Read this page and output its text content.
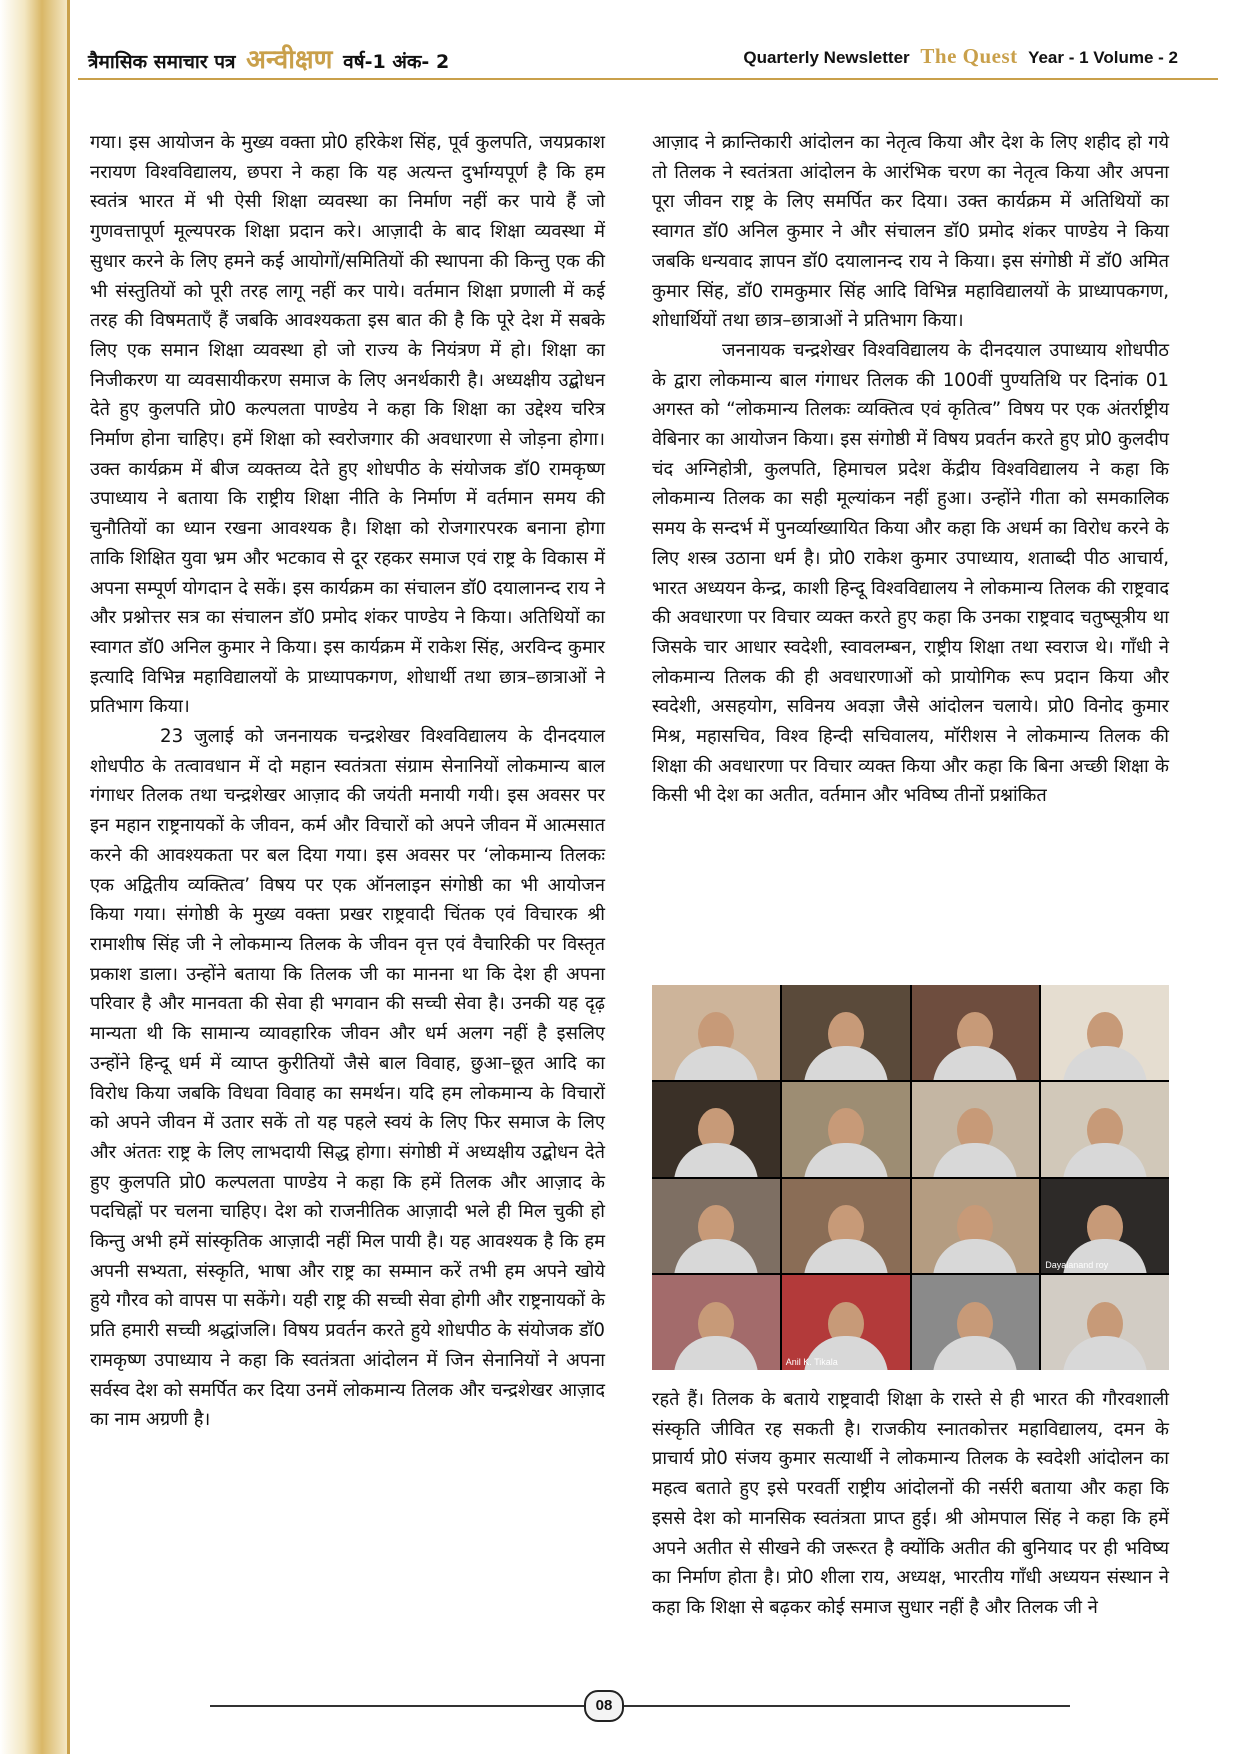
त्रैमासिक समाचार पत्र अन्वीक्षण वर्ष-1 अंक- 2	Quarterly Newsletter The Quest Year - 1 Volume - 2

गया। इस आयोजन के मुख्य वक्ता प्रो0 हरिकेश सिंह, पूर्व कुलपति, जयप्रकाश नरायण विश्वविद्यालय, छपरा ने कहा कि यह अत्यन्त दुर्भाग्यपूर्ण है कि हम स्वतंत्र भारत में भी ऐसी शिक्षा व्यवस्था का निर्माण नहीं कर पाये हैं जो गुणवत्तापूर्ण मूल्यपरक शिक्षा प्रदान करे। आज़ादी के बाद शिक्षा व्यवस्था में सुधार करने के लिए हमने कई आयोगों/समितियों की स्थापना की किन्तु एक की भी संस्तुतियों को पूरी तरह लागू नहीं कर पाये। वर्तमान शिक्षा प्रणाली में कई तरह की विषमताएँ हैं जबकि आवश्यकता इस बात की है कि पूरे देश में सबके लिए एक समान शिक्षा व्यवस्था हो जो राज्य के नियंत्रण में हो। शिक्षा का निजीकरण या व्यवसायीकरण समाज के लिए अनर्थकारी है। अध्यक्षीय उद्बोधन देते हुए कुलपति प्रो0 कल्पलता पाण्डेय ने कहा कि शिक्षा का उद्देश्य चरित्र निर्माण होना चाहिए। हमें शिक्षा को स्वरोजगार की अवधारणा से जोड़ना होगा। उक्त कार्यक्रम में बीज व्यक्तव्य देते हुए शोधपीठ के संयोजक डॉ0 रामकृष्ण उपाध्याय ने बताया कि राष्ट्रीय शिक्षा नीति के निर्माण में वर्तमान समय की चुनौतियों का ध्यान रखना आवश्यक है। शिक्षा को रोजगारपरक बनाना होगा ताकि शिक्षित युवा भ्रम और भटकाव से दूर रहकर समाज एवं राष्ट्र के विकास में अपना सम्पूर्ण योगदान दे सकें। इस कार्यक्रम का संचालन डॉ0 दयालानन्द राय ने और प्रश्नोत्तर सत्र का संचालन डॉ0 प्रमोद शंकर पाण्डेय ने किया। अतिथियों का स्वागत डॉ0 अनिल कुमार ने किया। इस कार्यक्रम में राकेश सिंह, अरविन्द कुमार इत्यादि विभिन्न महाविद्यालयों के प्राध्यापकगण, शोधार्थी तथा छात्र–छात्राओं ने प्रतिभाग किया।

23 जुलाई को जननायक चन्द्रशेखर विश्वविद्यालय के दीनदयाल शोधपीठ के तत्वावधान में दो महान स्वतंत्रता संग्राम सेनानियों लोकमान्य बाल गंगाधर तिलक तथा चन्द्रशेखर आज़ाद की जयंती मनायी गयी। इस अवसर पर इन महान राष्ट्रनायकों के जीवन, कर्म और विचारों को अपने जीवन में आत्मसात करने की आवश्यकता पर बल दिया गया। इस अवसर पर ‘लोकमान्य तिलकः एक अद्वितीय व्यक्तित्व’ विषय पर एक ऑनलाइन संगोष्ठी का भी आयोजन किया गया। संगोष्ठी के मुख्य वक्ता प्रखर राष्ट्रवादी चिंतक एवं विचारक श्री रामाशीष सिंह जी ने लोकमान्य तिलक के जीवन वृत्त एवं वैचारिकी पर विस्तृत प्रकाश डाला। उन्होंने बताया कि तिलक जी का मानना था कि देश ही अपना परिवार है और मानवता की सेवा ही भगवान की सच्ची सेवा है। उनकी यह दृढ़ मान्यता थी कि सामान्य व्यावहारिक जीवन और धर्म अलग नहीं है इसलिए उन्होंने हिन्दू धर्म में व्याप्त कुरीतियों जैसे बाल विवाह, छुआ–छूत आदि का विरोध किया जबकि विधवा विवाह का समर्थन। यदि हम लोकमान्य के विचारों को अपने जीवन में उतार सकें तो यह पहले स्वयं के लिए फिर समाज के लिए और अंततः राष्ट्र के लिए लाभदायी सिद्ध होगा। संगोष्ठी में अध्यक्षीय उद्बोधन देते हुए कुलपति प्रो0 कल्पलता पाण्डेय ने कहा कि हमें तिलक और आज़ाद के पदचिह्नों पर चलना चाहिए। देश को राजनीतिक आज़ादी भले ही मिल चुकी हो किन्तु अभी हमें सांस्कृतिक आज़ादी नहीं मिल पायी है। यह आवश्यक है कि हम अपनी सभ्यता, संस्कृति, भाषा और राष्ट्र का सम्मान करें तभी हम अपने खोये हुये गौरव को वापस पा सकेंगे। यही राष्ट्र की सच्ची सेवा होगी और राष्ट्रनायकों के प्रति हमारी सच्ची श्रद्धांजलि। विषय प्रवर्तन करते हुये शोधपीठ के संयोजक डॉ0 रामकृष्ण उपाध्याय ने कहा कि स्वतंत्रता आंदोलन में जिन सेनानियों ने अपना सर्वस्व देश को समर्पित कर दिया उनमें लोकमान्य तिलक और चन्द्रशेखर आज़ाद का नाम अग्रणी है।

आज़ाद ने क्रान्तिकारी आंदोलन का नेतृत्व किया और देश के लिए शहीद हो गये तो तिलक ने स्वतंत्रता आंदोलन के आरंभिक चरण का नेतृत्व किया और अपना पूरा जीवन राष्ट्र के लिए समर्पित कर दिया। उक्त कार्यक्रम में अतिथियों का स्वागत डॉ0 अनिल कुमार ने और संचालन डॉ0 प्रमोद शंकर पाण्डेय ने किया जबकि धन्यवाद ज्ञापन डॉ0 दयालानन्द राय ने किया। इस संगोष्ठी में डॉ0 अमित कुमार सिंह, डॉ0 रामकुमार सिंह आदि विभिन्न महाविद्यालयों के प्राध्यापकगण, शोधार्थियों तथा छात्र–छात्राओं ने प्रतिभाग किया।

जननायक चन्द्रशेखर विश्वविद्यालय के दीनदयाल उपाध्याय शोधपीठ के द्वारा लोकमान्य बाल गंगाधर तिलक की 100वीं पुण्यतिथि पर दिनांक 01 अगस्त को “लोकमान्य तिलकः व्यक्तित्व एवं कृतित्व” विषय पर एक अंतर्राष्ट्रीय वेबिनार का आयोजन किया। इस संगोष्ठी में विषय प्रवर्तन करते हुए प्रो0 कुलदीप चंद अग्निहोत्री, कुलपति, हिमाचल प्रदेश केंद्रीय विश्वविद्यालय ने कहा कि लोकमान्य तिलक का सही मूल्यांकन नहीं हुआ। उन्होंने गीता को समकालिक समय के सन्दर्भ में पुनर्व्याख्यायित किया और कहा कि अधर्म का विरोध करने के लिए शस्त्र उठाना धर्म है। प्रो0 राकेश कुमार उपाध्याय, शताब्दी पीठ आचार्य, भारत अध्ययन केन्द्र, काशी हिन्दू विश्वविद्यालय ने लोकमान्य तिलक की राष्ट्रवाद की अवधारणा पर विचार व्यक्त करते हुए कहा कि उनका राष्ट्रवाद चतुष्सूत्रीय था जिसके चार आधार स्वदेशी, स्वावलम्बन, राष्ट्रीय शिक्षा तथा स्वराज थे। गाँधी ने लोकमान्य तिलक की ही अवधारणाओं को प्रायोगिक रूप प्रदान किया और स्वदेशी, असहयोग, सविनय अवज्ञा जैसे आंदोलन चलाये। प्रो0 विनोद कुमार मिश्र, महासचिव, विश्व हिन्दी सचिवालय, मॉरीशस ने लोकमान्य तिलक की शिक्षा की अवधारणा पर विचार व्यक्त किया और कहा कि बिना अच्छी शिक्षा के किसी भी देश का अतीत, वर्तमान और भविष्य तीनों प्रश्नांकित

Dayalanand roy
Anil K. Tikala

रहते हैं। तिलक के बताये राष्ट्रवादी शिक्षा के रास्ते से ही भारत की गौरवशाली संस्कृति जीवित रह सकती है। राजकीय स्नातकोत्तर महाविद्यालय, दमन के प्राचार्य प्रो0 संजय कुमार सत्यार्थी ने लोकमान्य तिलक के स्वदेशी आंदोलन का महत्व बताते हुए इसे परवर्ती राष्ट्रीय आंदोलनों की नर्सरी बताया और कहा कि इससे देश को मानसिक स्वतंत्रता प्राप्त हुई। श्री ओमपाल सिंह ने कहा कि हमें अपने अतीत से सीखने की जरूरत है क्योंकि अतीत की बुनियाद पर ही भविष्य का निर्माण होता है। प्रो0 शीला राय, अध्यक्ष, भारतीय गाँधी अध्ययन संस्थान ने कहा कि शिक्षा से बढ़कर कोई समाज सुधार नहीं है और तिलक जी ने

08
